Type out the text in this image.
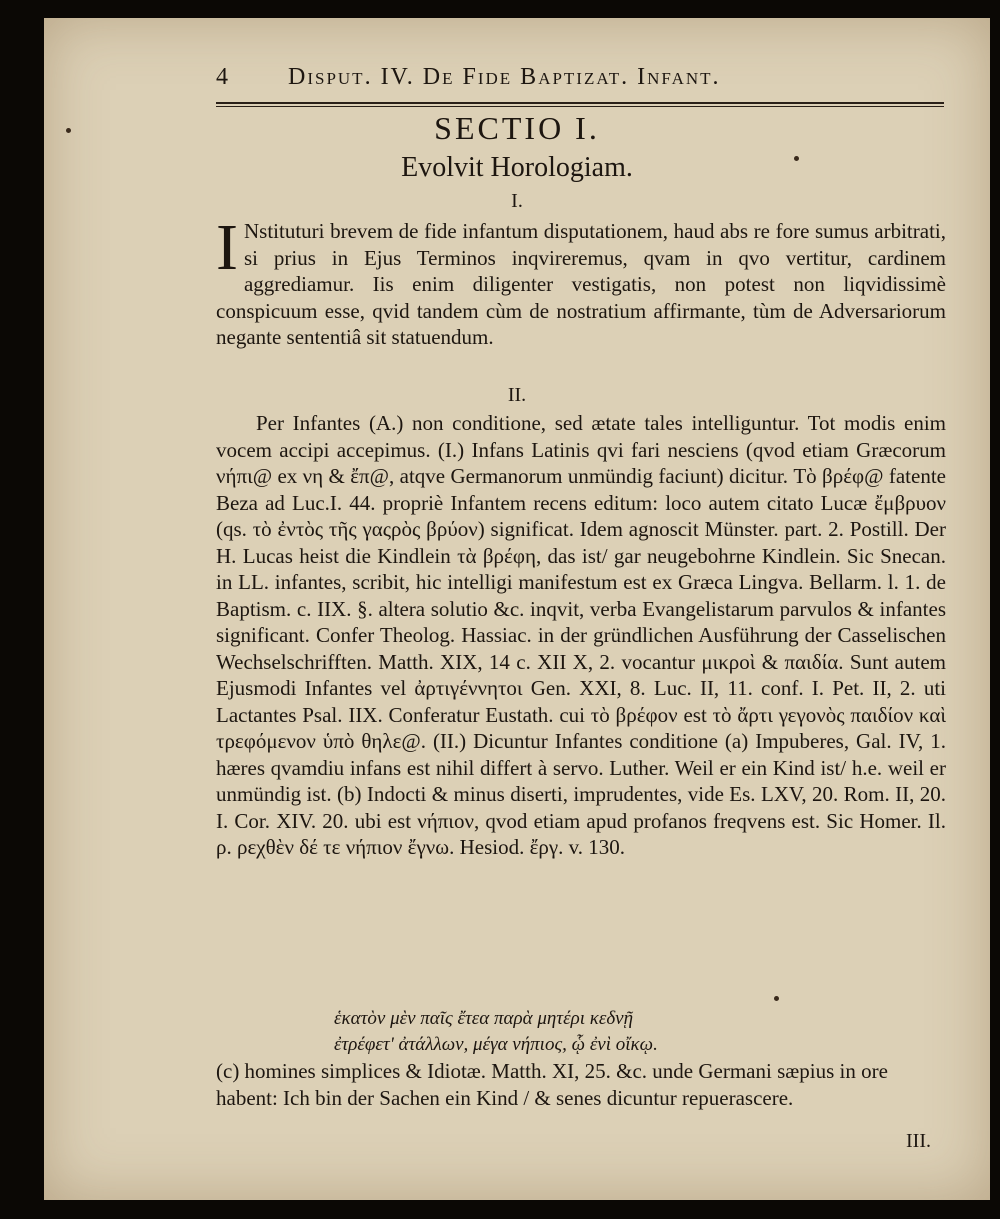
4 Disput. IV. De Fide Baptizat. Infant.
SECTIO I.
Evolvit Horologiam.
I.
I Nstituturi brevem de fide infantum disputationem, haud abs re fore sumus arbitrati, si prius in Ejus Terminos inqvireremus, qvam in qvo vertitur, cardinem aggrediamur. Iis enim diligenter vestigatis, non potest non liqvidissimè conspicuum esse, qvid tandem cùm de nostratium affirmante, tùm de Adversariorum negante sententiâ sit statuendum.
II.
Per Infantes (A.) non conditione, sed ætate tales intelliguntur. Tot modis enim vocem accipi accepimus. (I.) Infans Latinis qvi fari nesciens (qvod etiam Græcorum νήπι@ ex νη & ἔπ@, atqve Germanorum unmündig faciunt) dicitur. Τὸ βρέφ@ fatente Beza ad Luc.I. 44. propriè Infantem recens editum: loco autem citato Lucæ ἔμβρυον (qs. τὸ ἐντὸς τῆς γαςρὸς βρύον) significat. Idem agnoscit Münster. part. 2. Postill. Der H. Lucas heist die Kindlein τὰ βρέφη, das ist/ gar neugebohrne Kindlein. Sic Snecan. in LL. infantes, scribit, hic intelligi manifestum est ex Græca Lingva. Bellarm. l. 1. de Baptism. c. IIX. §. altera solutio &c. inqvit, verba Evangelistarum parvulos & infantes significant. Confer Theolog. Hassiac. in der gründlichen Ausführung der Casselischen Wechselschrifften. Matth. XIX, 14 c. XII X, 2. vocantur μικροὶ & παιδία. Sunt autem Ejusmodi Infantes vel ἀρτιγέννητοι Gen. XXI, 8. Luc. II, 11. conf. I. Pet. II, 2. uti Lactantes Psal. IIX. Conferatur Eustath. cui τὸ βρέφον est τὸ ἄρτι γεγονὸς παιδίον καὶ τρεφόμενον ὑπὸ θηλε@. (II.) Dicuntur Infantes conditione (a) Impuberes, Gal. IV, 1. hæres qvamdiu infans est nihil differt à servo. Luther. Weil er ein Kind ist/ h.e. weil er unmündig ist. (b) Indocti & minus diserti, imprudentes, vide Es. LXV, 20. Rom. II, 20. I. Cor. XIV. 20. ubi est νήπιον, qvod etiam apud profanos freqvens est. Sic Homer. Il. ρ. ρεχθὲν δέ τε νήπιον ἔγνω. Hesiod. ἔργ. v. 130.
ἑκατὸν μὲν παῖς ἔτεα παρὰ μητέρι κεδνῇ
ἐτρέφετ' ἀτάλλων, μέγα νήπιος, ᾧ ἐνὶ οἴκῳ.
(c) homines simplices & Idiotæ. Matth. XI, 25. &c. unde Germani sæpius in ore habent: Ich bin der Sachen ein Kind / & senes dicuntur repuerascere.
III.
